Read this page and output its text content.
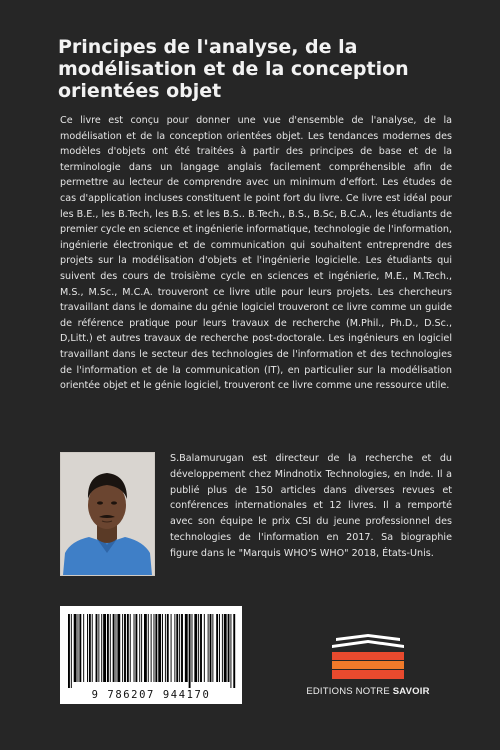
Principes de l'analyse, de la modélisation et de la conception orientées objet
Ce livre est conçu pour donner une vue d'ensemble de l'analyse, de la modélisation et de la conception orientées objet. Les tendances modernes des modèles d'objets ont été traitées à partir des principes de base et de la terminologie dans un langage anglais facilement compréhensible afin de permettre au lecteur de comprendre avec un minimum d'effort. Les études de cas d'application incluses constituent le point fort du livre. Ce livre est idéal pour les B.E., les B.Tech, les B.S. et les B.S.. B.Tech., B.S., B.Sc, B.C.A., les étudiants de premier cycle en science et ingénierie informatique, technologie de l'information, ingénierie électronique et de communication qui souhaitent entreprendre des projets sur la modélisation d'objets et l'ingénierie logicielle. Les étudiants qui suivent des cours de troisième cycle en sciences et ingénierie, M.E., M.Tech., M.S., M.Sc., M.C.A. trouveront ce livre utile pour leurs projets. Les chercheurs travaillant dans le domaine du génie logiciel trouveront ce livre comme un guide de référence pratique pour leurs travaux de recherche (M.Phil., Ph.D., D.Sc., D,Litt.) et autres travaux de recherche post-doctorale. Les ingénieurs en logiciel travaillant dans le secteur des technologies de l'information et des technologies de l'information et de la communication (IT), en particulier sur la modélisation orientée objet et le génie logiciel, trouveront ce livre comme une ressource utile.
S.Balamurugan est directeur de la recherche et du développement chez Mindnotix Technologies, en Inde. Il a publié plus de 150 articles dans diverses revues et conférences internationales et 12 livres. Il a remporté avec son équipe le prix CSI du jeune professionnel des technologies de l'information en 2017. Sa biographie figure dans le "Marquis WHO'S WHO" 2018, États-Unis.
9 786207 944170	EDITIONS NOTRE SAVOIR
